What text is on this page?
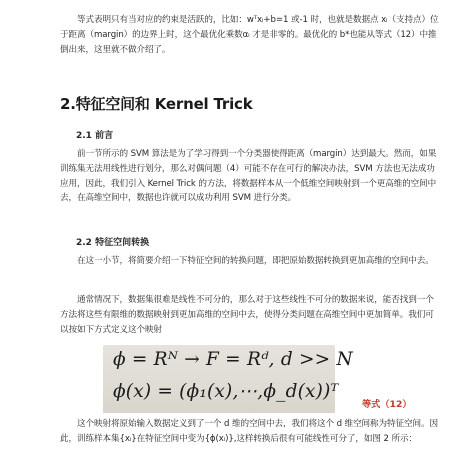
等式表明只有当对应的约束是活跃的，比如：wᵀxᵢ+b=1 或-1 时，也就是数据点 xᵢ（支持点）位于距离（margin）的边界上时，这个最优化乘数αᵢ 才是非零的。最优化的 b*也能从等式（12）中推倒出来，这里就不做介绍了。

2.特征空间和 Kernel Trick
2.1 前言

前一节所示的 SVM 算法是为了学习得到一个分类器使得距离（margin）达到最大。然而，如果训练集无法用线性进行划分，那么对偶问题（4）可能不存在可行的解决办法，SVM 方法也无法成功应用，因此，我们引入 Kernel Trick 的方法，将数据样本从一个低维空间映射到一个更高维的空间中去，在高维空间中，数据也许就可以成功利用 SVM 进行分类。

2.2 特征空间转换

在这一小节，将简要介绍一下特征空间的转换问题，即把原始数据转换到更加高维的空间中去。

通常情况下，数据集很难是线性不可分的，那么对于这些线性不可分的数据来说，能否找到一个方法将这些有限维的数据映射到更加高维的空间中去，使得分类问题在高维空间中更加简单。我们可以按如下方式定义这个映射

ϕ = Rᴺ → F = Rᵈ, d >> N
ϕ(x) = (ϕ₁(x),⋯,ϕ_d(x))ᵀ
等式（12）

这个映射将原始输入数据定义到了一个 d 维的空间中去，我们将这个 d 维空间称为特征空间。因此，训练样本集{xᵢ}在特征空间中变为{ϕ(xᵢ)},这样转换后很有可能线性可分了，如图 2 所示：
